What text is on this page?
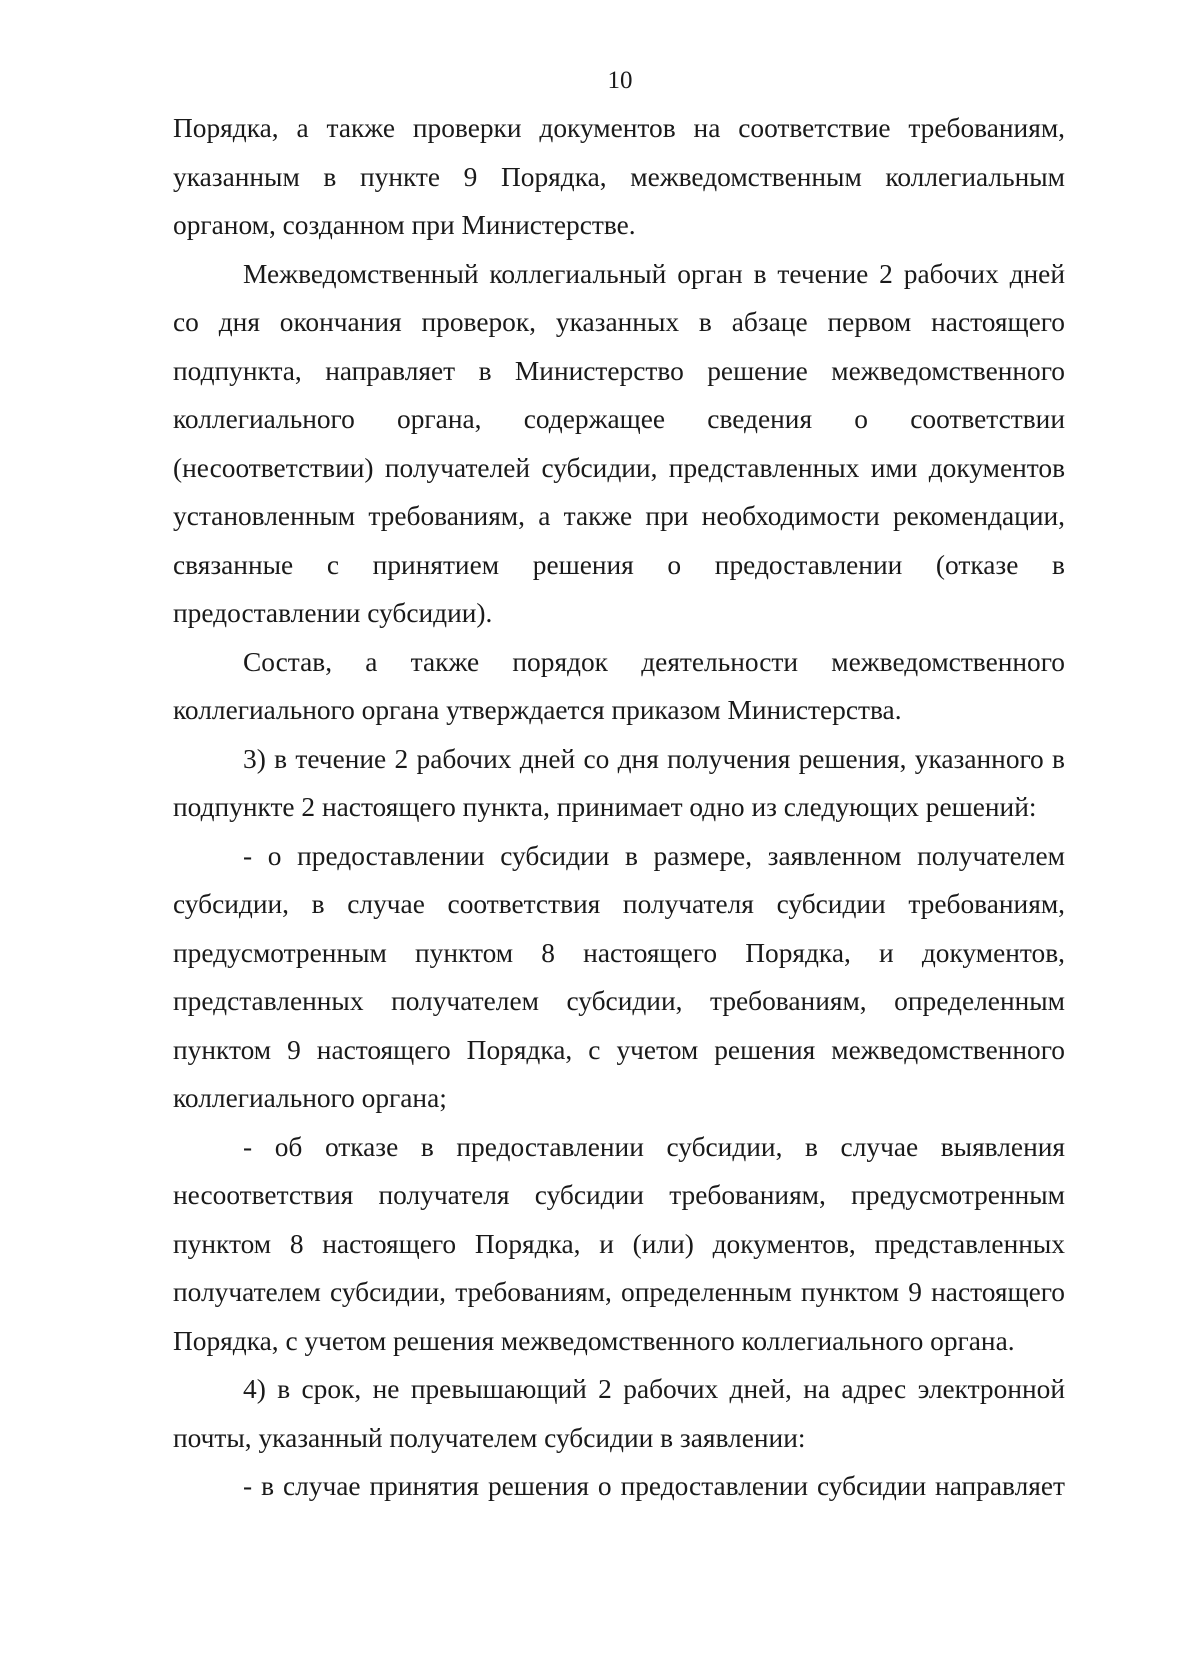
10

Порядка, а также проверки документов на соответствие требованиям, указанным в пункте 9 Порядка, межведомственным коллегиальным органом, созданном при Министерстве.

Межведомственный коллегиальный орган в течение 2 рабочих дней со дня окончания проверок, указанных в абзаце первом настоящего подпункта, направляет в Министерство решение межведомственного коллегиального органа, содержащее сведения о соответствии (несоответствии) получателей субсидии, представленных ими документов установленным требованиям, а также при необходимости рекомендации, связанные с принятием решения о предоставлении (отказе в предоставлении субсидии).

Состав, а также порядок деятельности межведомственного коллегиального органа утверждается приказом Министерства.

3) в течение 2 рабочих дней со дня получения решения, указанного в подпункте 2 настоящего пункта, принимает одно из следующих решений:

- о предоставлении субсидии в размере, заявленном получателем субсидии, в случае соответствия получателя субсидии требованиям, предусмотренным пунктом 8 настоящего Порядка, и документов, представленных получателем субсидии, требованиям, определенным пунктом 9 настоящего Порядка, с учетом решения межведомственного коллегиального органа;

- об отказе в предоставлении субсидии, в случае выявления несоответствия получателя субсидии требованиям, предусмотренным пунктом 8 настоящего Порядка, и (или) документов, представленных получателем субсидии, требованиям, определенным пунктом 9 настоящего Порядка, с учетом решения межведомственного коллегиального органа.

4) в срок, не превышающий 2 рабочих дней, на адрес электронной почты, указанный получателем субсидии в заявлении:

- в случае принятия решения о предоставлении субсидии направляет
